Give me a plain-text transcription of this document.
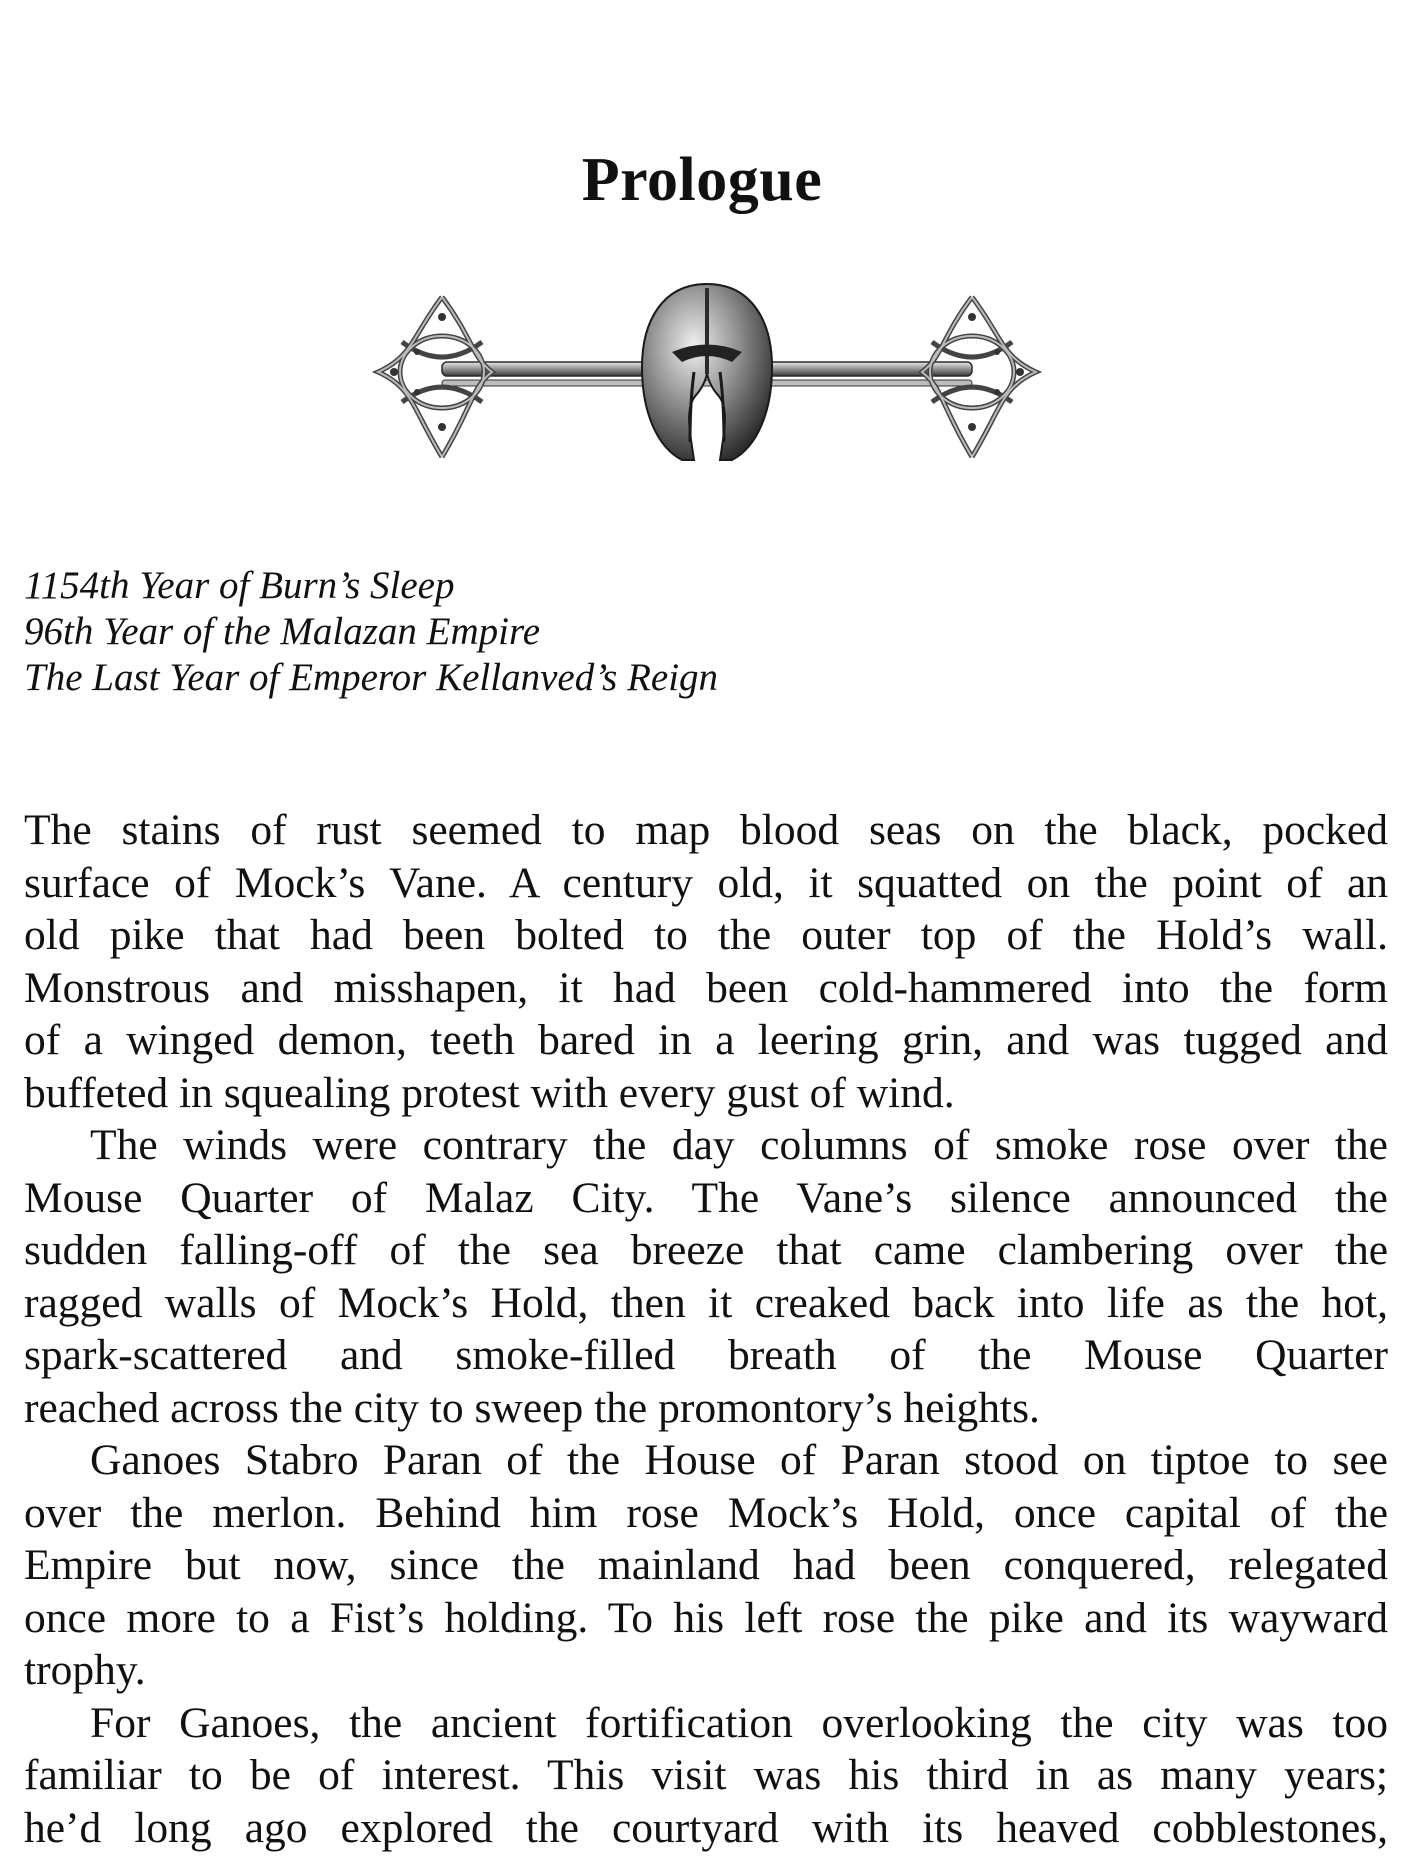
Prologue
1154th Year of Burn’s Sleep
96th Year of the Malazan Empire
The Last Year of Emperor Kellanved’s Reign
The stains of rust seemed to map blood seas on the black, pocked
surface of Mock’s Vane. A century old, it squatted on the point of an
old pike that had been bolted to the outer top of the Hold’s wall.
Monstrous and misshapen, it had been cold-hammered into the form
of a winged demon, teeth bared in a leering grin, and was tugged and
buffeted in squealing protest with every gust of wind.
The winds were contrary the day columns of smoke rose over the
Mouse Quarter of Malaz City. The Vane’s silence announced the
sudden falling-off of the sea breeze that came clambering over the
ragged walls of Mock’s Hold, then it creaked back into life as the hot,
spark-scattered and smoke-filled breath of the Mouse Quarter
reached across the city to sweep the promontory’s heights.
Ganoes Stabro Paran of the House of Paran stood on tiptoe to see
over the merlon. Behind him rose Mock’s Hold, once capital of the
Empire but now, since the mainland had been conquered, relegated
once more to a Fist’s holding. To his left rose the pike and its wayward
trophy.
For Ganoes, the ancient fortification overlooking the city was too
familiar to be of interest. This visit was his third in as many years;
he’d long ago explored the courtyard with its heaved cobblestones,
